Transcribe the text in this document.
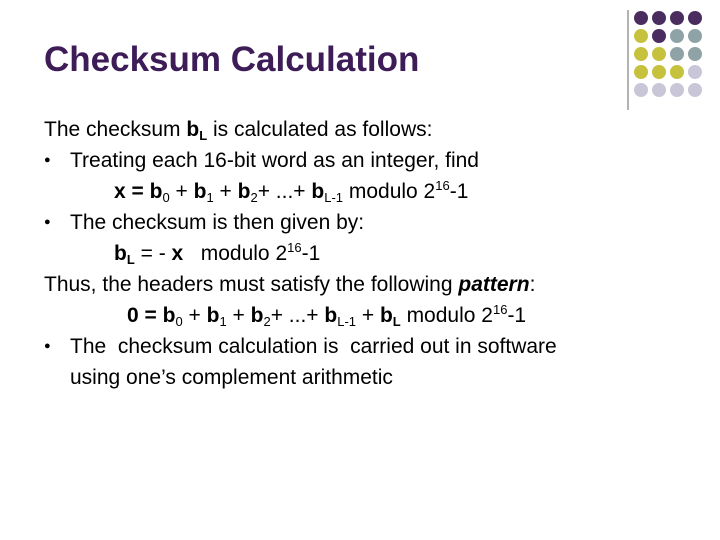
Checksum Calculation
The checksum $b_L$ is calculated as follows:
● Treating each 16-bit word as an integer, find
$x = b_0 + b_1 + b_2+$ ...+ $b_{L-1}$ modulo $2^{16}-1$
● The checksum is then given by:
$b_L$ = - x   modulo $2^{16}-1$
Thus, the headers must satisfy the following pattern:
$0 = b_0 + b_1 + b_2+$ ...+ $b_{L-1} + b_L$ modulo $2^{16}-1$
● The  checksum calculation is  carried out in software
using one’s complement arithmetic
